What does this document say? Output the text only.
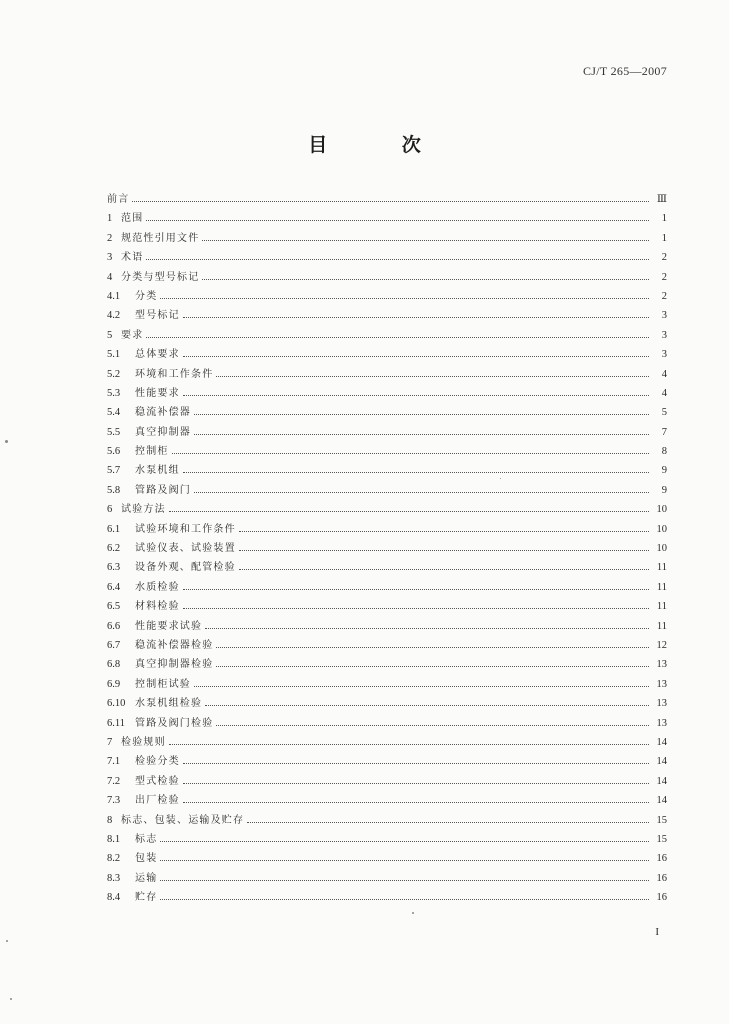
CJ/T 265—2007
目 次
前言	Ⅲ
1 范围	1
2 规范性引用文件	1
3 术语	2
4 分类与型号标记	2
4.1	分类	2
4.2	型号标记	3
5 要求	3
5.1	总体要求	3
5.2	环境和工作条件	4
5.3	性能要求	4
5.4	稳流补偿器	5
5.5	真空抑制器	7
5.6	控制柜	8
5.7	水泵机组	9
5.8	管路及阀门	9
6 试验方法	10
6.1	试验环境和工作条件	10
6.2	试验仪表、试验装置	10
6.3	设备外观、配管检验	11
6.4	水质检验	11
6.5	材料检验	11
6.6	性能要求试验	11
6.7	稳流补偿器检验	12
6.8	真空抑制器检验	13
6.9	控制柜试验	13
6.10 水泵机组检验	13
6.11	管路及阀门检验	13
7 检验规则	14
7.1	检验分类	14
7.2	型式检验	14
7.3	出厂检验	14
8 标志、包装、运输及贮存	15
8.1	标志	15
8.2	包装	16
8.3	运输	16
8.4	贮存	16
I
